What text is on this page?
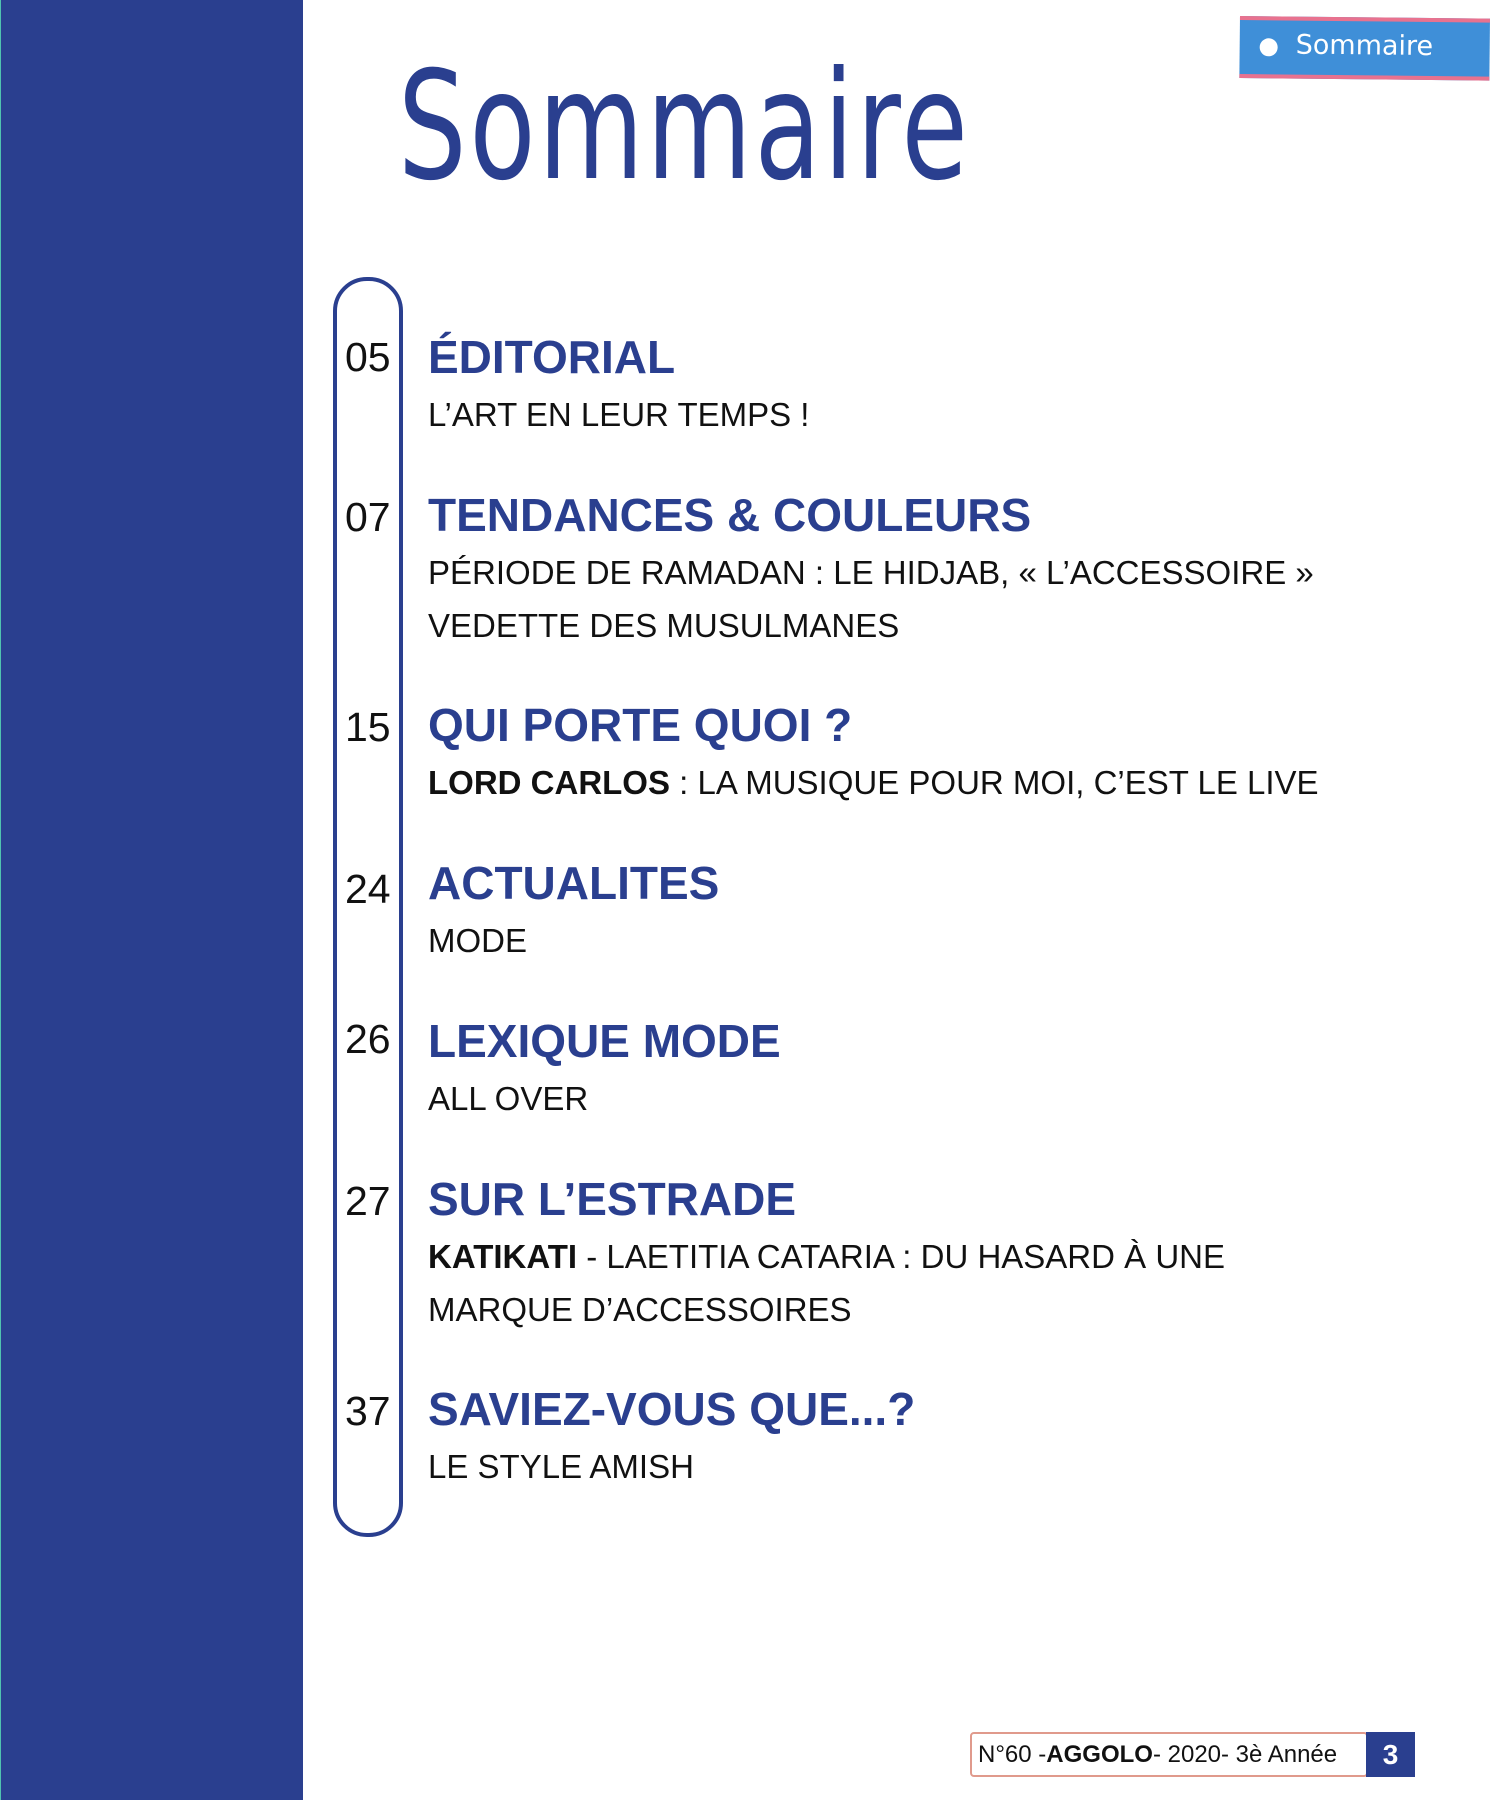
Sommaire
Sommaire
05 ÉDITORIAL
L’ART EN LEUR TEMPS !
07 TENDANCES & COULEURS
PÉRIODE DE RAMADAN : LE HIDJAB, « L’ACCESSOIRE »
VEDETTE DES MUSULMANES
15 QUI PORTE QUOI ?
LORD CARLOS : LA MUSIQUE POUR MOI, C’EST LE LIVE
24 ACTUALITES
MODE
26 LEXIQUE MODE
ALL OVER
27 SUR L’ESTRADE
KATIKATI - LAETITIA CATARIA : DU HASARD À UNE
MARQUE D’ACCESSOIRES
37 SAVIEZ-VOUS QUE...?
LE STYLE AMISH
N°60 - AGGOLO - 2020- 3è Année	3
